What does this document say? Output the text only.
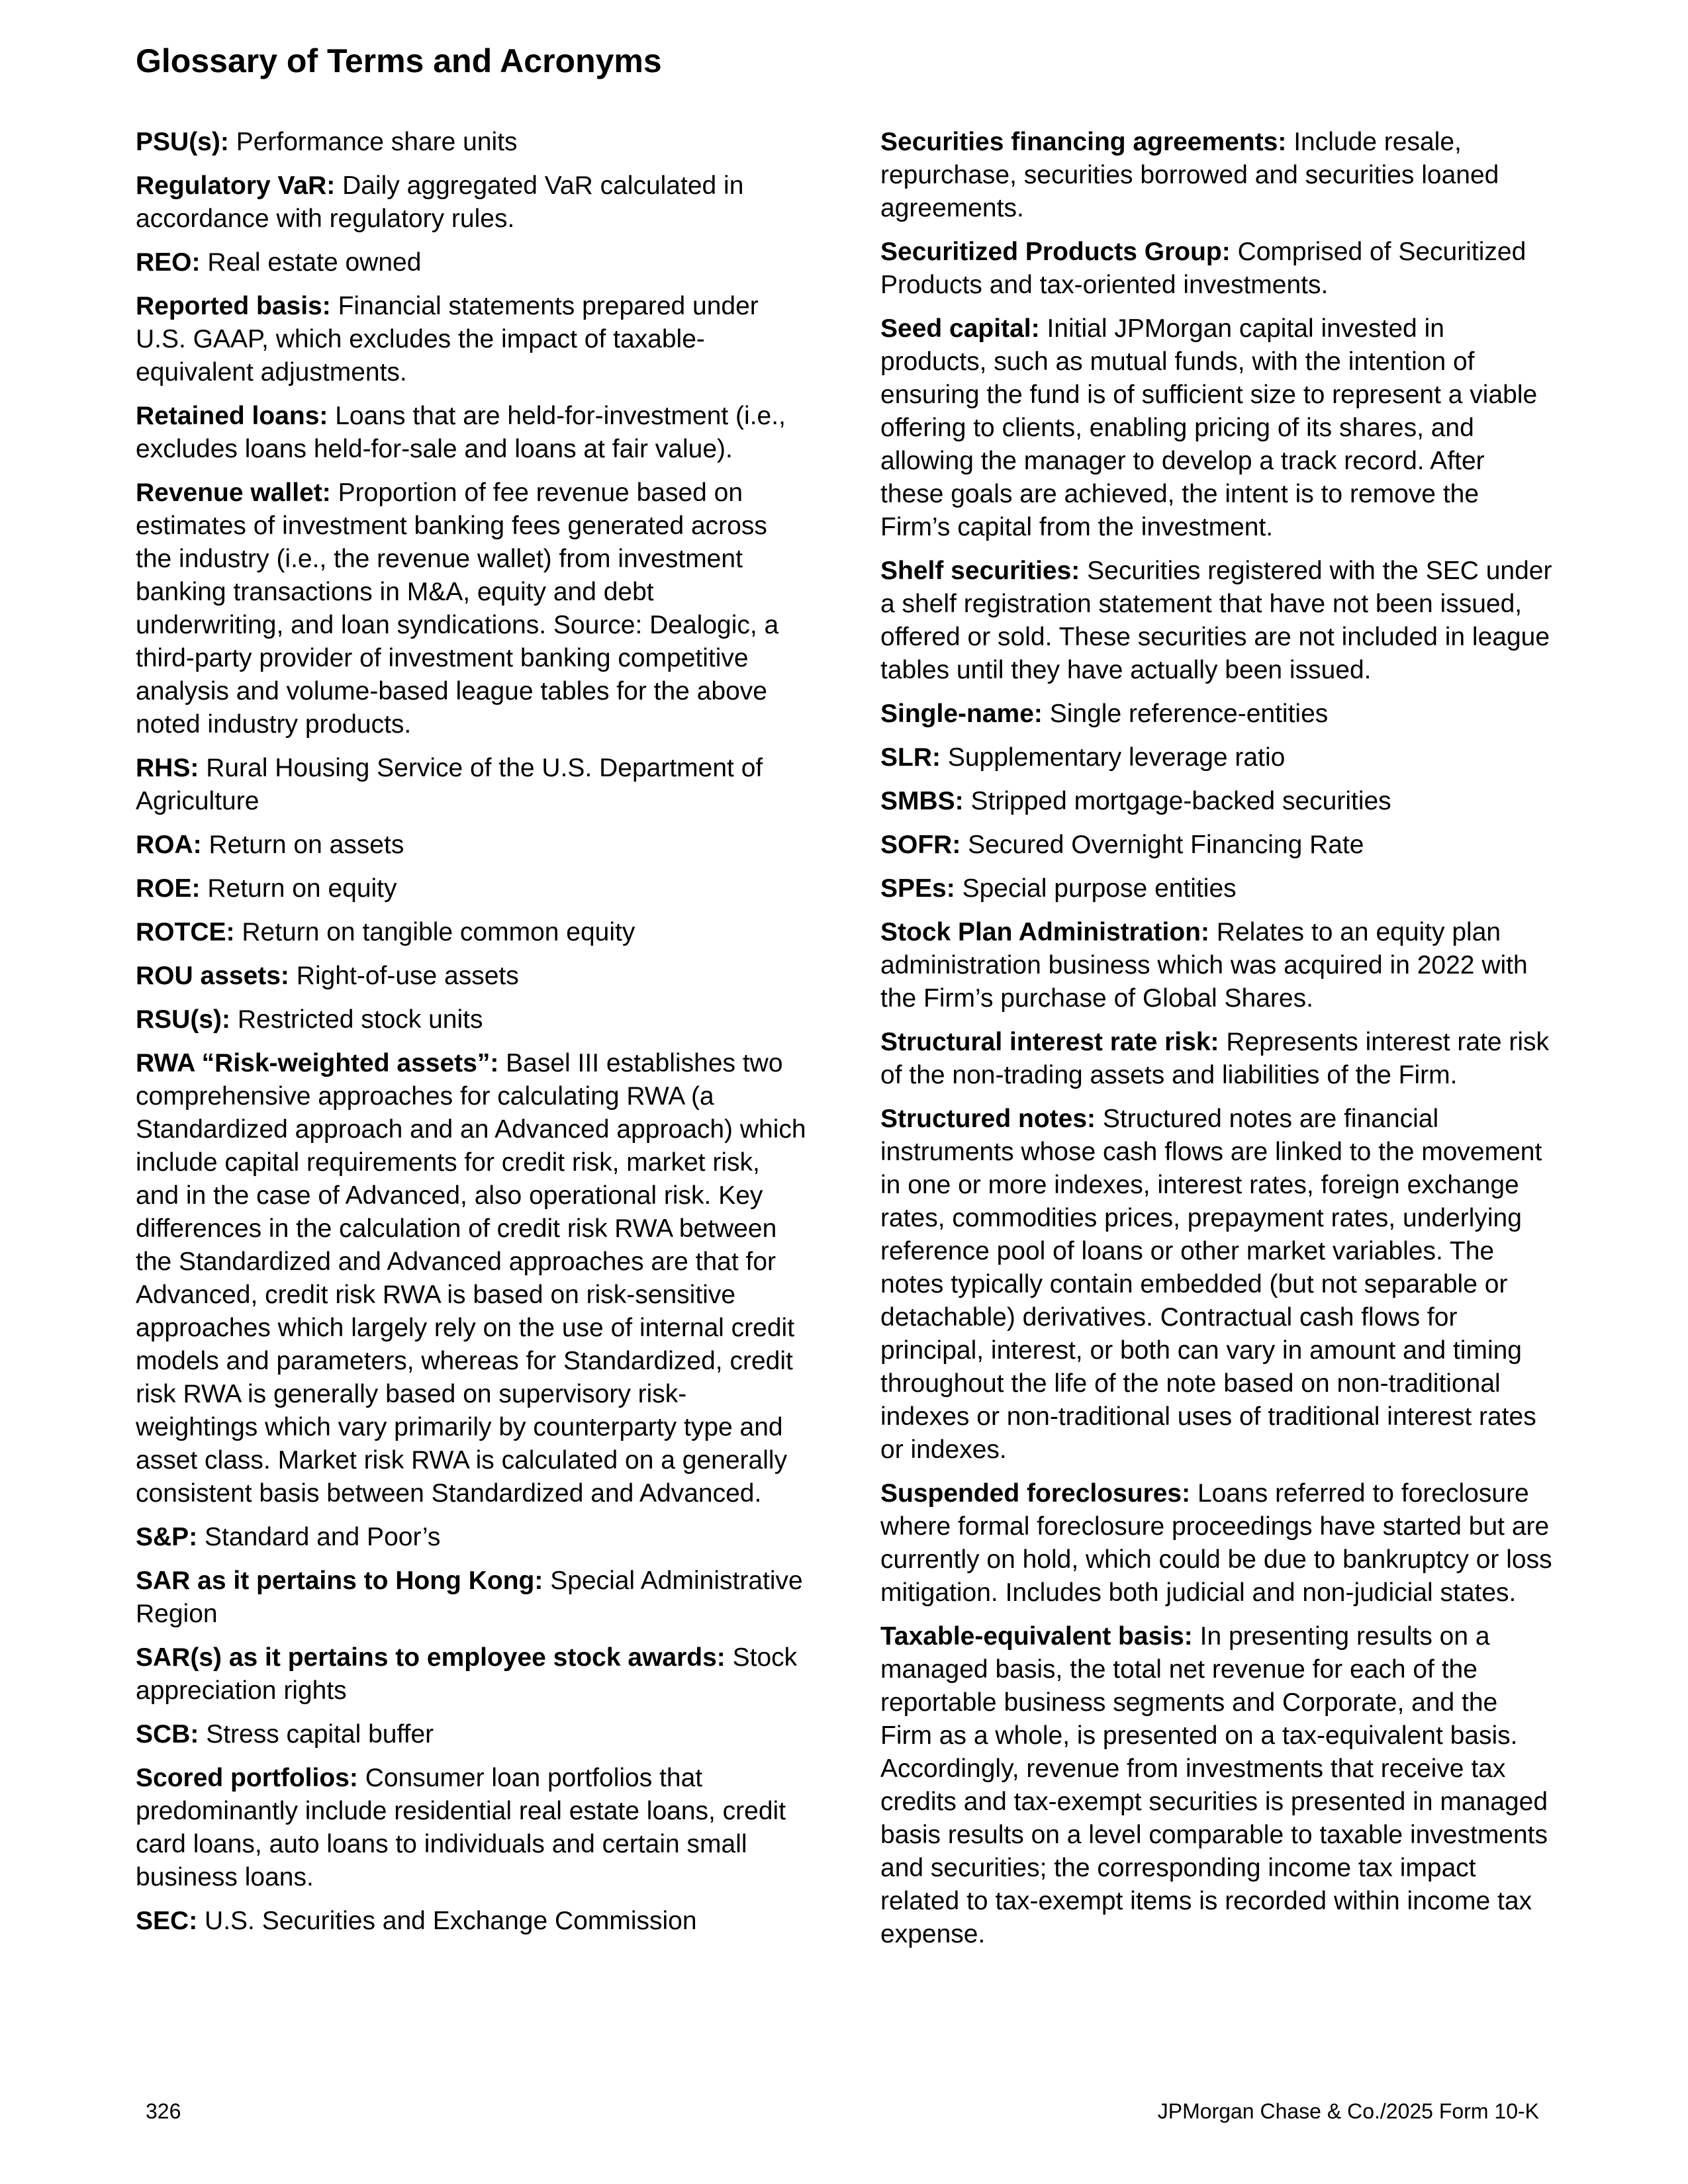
Glossary of Terms and Acronyms

PSU(s): Performance share units

Regulatory VaR: Daily aggregated VaR calculated in accordance with regulatory rules.

REO: Real estate owned

Reported basis: Financial statements prepared under U.S. GAAP, which excludes the impact of taxable-equivalent adjustments.

Retained loans: Loans that are held-for-investment (i.e., excludes loans held-for-sale and loans at fair value).

Revenue wallet: Proportion of fee revenue based on estimates of investment banking fees generated across the industry (i.e., the revenue wallet) from investment banking transactions in M&A, equity and debt underwriting, and loan syndications. Source: Dealogic, a third-party provider of investment banking competitive analysis and volume-based league tables for the above noted industry products.

RHS: Rural Housing Service of the U.S. Department of Agriculture

ROA: Return on assets

ROE: Return on equity

ROTCE: Return on tangible common equity

ROU assets: Right-of-use assets

RSU(s): Restricted stock units

RWA “Risk-weighted assets”: Basel III establishes two comprehensive approaches for calculating RWA (a Standardized approach and an Advanced approach) which include capital requirements for credit risk, market risk, and in the case of Advanced, also operational risk. Key differences in the calculation of credit risk RWA between the Standardized and Advanced approaches are that for Advanced, credit risk RWA is based on risk-sensitive approaches which largely rely on the use of internal credit models and parameters, whereas for Standardized, credit risk RWA is generally based on supervisory risk-weightings which vary primarily by counterparty type and asset class. Market risk RWA is calculated on a generally consistent basis between Standardized and Advanced.

S&P: Standard and Poor’s

SAR as it pertains to Hong Kong: Special Administrative Region

SAR(s) as it pertains to employee stock awards: Stock appreciation rights

SCB: Stress capital buffer

Scored portfolios: Consumer loan portfolios that predominantly include residential real estate loans, credit card loans, auto loans to individuals and certain small business loans.

SEC: U.S. Securities and Exchange Commission

Securities financing agreements: Include resale, repurchase, securities borrowed and securities loaned agreements.

Securitized Products Group: Comprised of Securitized Products and tax-oriented investments.

Seed capital: Initial JPMorgan capital invested in products, such as mutual funds, with the intention of ensuring the fund is of sufficient size to represent a viable offering to clients, enabling pricing of its shares, and allowing the manager to develop a track record. After these goals are achieved, the intent is to remove the Firm’s capital from the investment.

Shelf securities: Securities registered with the SEC under a shelf registration statement that have not been issued, offered or sold. These securities are not included in league tables until they have actually been issued.

Single-name: Single reference-entities

SLR: Supplementary leverage ratio

SMBS: Stripped mortgage-backed securities

SOFR: Secured Overnight Financing Rate

SPEs: Special purpose entities

Stock Plan Administration: Relates to an equity plan administration business which was acquired in 2022 with the Firm’s purchase of Global Shares.

Structural interest rate risk: Represents interest rate risk of the non-trading assets and liabilities of the Firm.

Structured notes: Structured notes are financial instruments whose cash flows are linked to the movement in one or more indexes, interest rates, foreign exchange rates, commodities prices, prepayment rates, underlying reference pool of loans or other market variables. The notes typically contain embedded (but not separable or detachable) derivatives. Contractual cash flows for principal, interest, or both can vary in amount and timing throughout the life of the note based on non-traditional indexes or non-traditional uses of traditional interest rates or indexes.

Suspended foreclosures: Loans referred to foreclosure where formal foreclosure proceedings have started but are currently on hold, which could be due to bankruptcy or loss mitigation. Includes both judicial and non-judicial states.

Taxable-equivalent basis: In presenting results on a managed basis, the total net revenue for each of the reportable business segments and Corporate, and the Firm as a whole, is presented on a tax-equivalent basis. Accordingly, revenue from investments that receive tax credits and tax-exempt securities is presented in managed basis results on a level comparable to taxable investments and securities; the corresponding income tax impact related to tax-exempt items is recorded within income tax expense.

326	JPMorgan Chase & Co./2025 Form 10-K
